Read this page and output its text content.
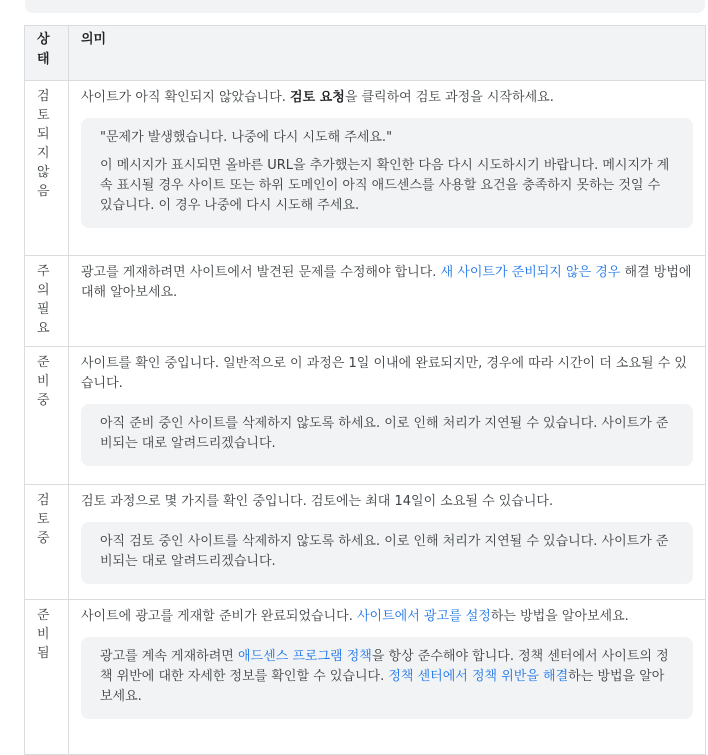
상태	의미
검토되지않음	사이트가 아직 확인되지 않았습니다. 검토 요청을 클릭하여 검토 과정을 시작하세요.

"문제가 발생했습니다. 나중에 다시 시도해 주세요."

이 메시지가 표시되면 올바른 URL을 추가했는지 확인한 다음 다시 시도하시기 바랍니다. 메시지가 계속 표시될 경우 사이트 또는 하위 도메인이 아직 애드센스를 사용할 요건을 충족하지 못하는 것일 수 있습니다. 이 경우 나중에 다시 시도해 주세요.

주의필요	광고를 게재하려면 사이트에서 발견된 문제를 수정해야 합니다. 새 사이트가 준비되지 않은 경우 해결 방법에 대해 알아보세요.

준비중	사이트를 확인 중입니다. 일반적으로 이 과정은 1일 이내에 완료되지만, 경우에 따라 시간이 더 소요될 수 있습니다.

아직 준비 중인 사이트를 삭제하지 않도록 하세요. 이로 인해 처리가 지연될 수 있습니다. 사이트가 준비되는 대로 알려드리겠습니다.

검토중	검토 과정으로 몇 가지를 확인 중입니다. 검토에는 최대 14일이 소요될 수 있습니다.

아직 검토 중인 사이트를 삭제하지 않도록 하세요. 이로 인해 처리가 지연될 수 있습니다. 사이트가 준비되는 대로 알려드리겠습니다.

준비됨	사이트에 광고를 게재할 준비가 완료되었습니다. 사이트에서 광고를 설정하는 방법을 알아보세요.

광고를 계속 게재하려면 애드센스 프로그램 정책을 항상 준수해야 합니다. 정책 센터에서 사이트의 정책 위반에 대한 자세한 정보를 확인할 수 있습니다. 정책 센터에서 정책 위반을 해결하는 방법을 알아보세요.
